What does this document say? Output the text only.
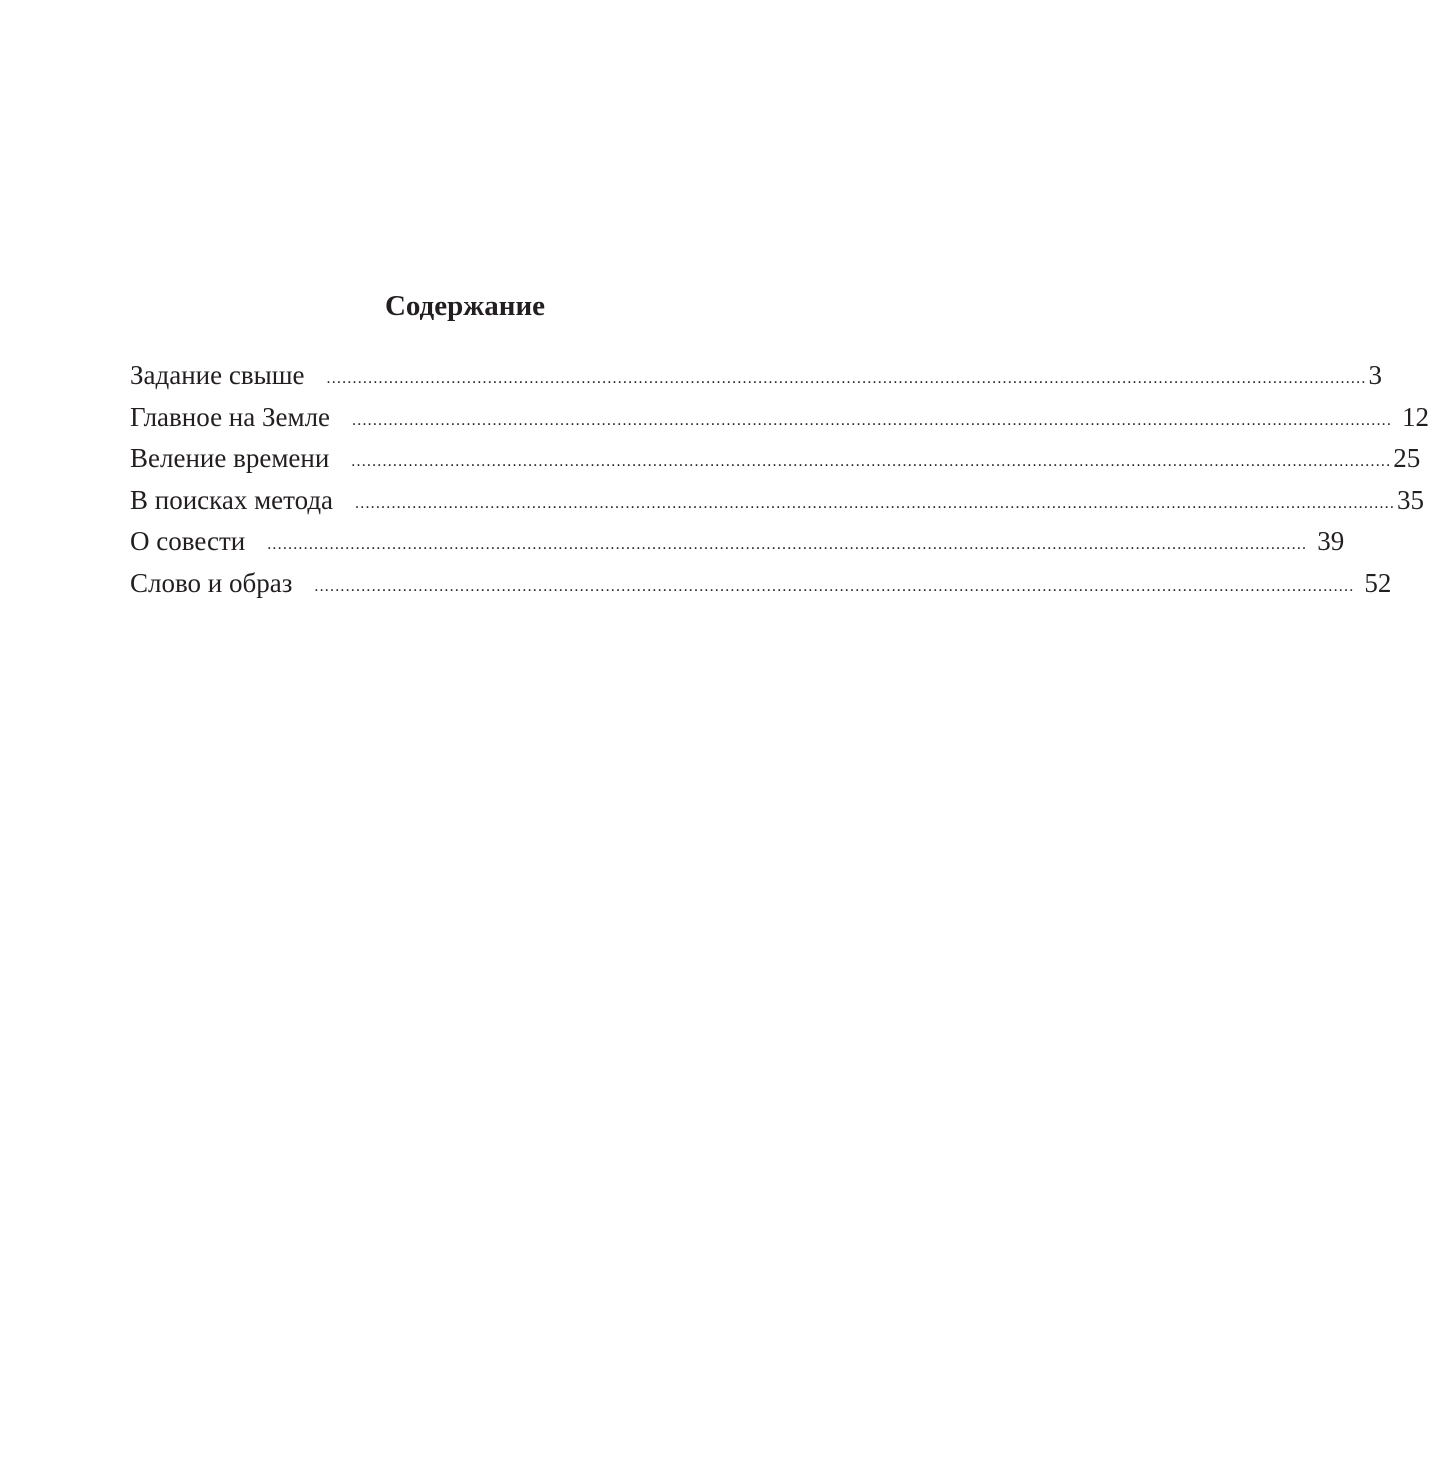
Содержание
Задание свыше	........................................................................................................................................................................................................ 3
Главное на Земле	........................................................................................................................................................................................................ 12
Веление времени	........................................................................................................................................................................................................ 25
В поисках метода	........................................................................................................................................................................................................ 35
О совести	........................................................................................................................................................................................................ 39
Слово и образ	........................................................................................................................................................................................................ 52
